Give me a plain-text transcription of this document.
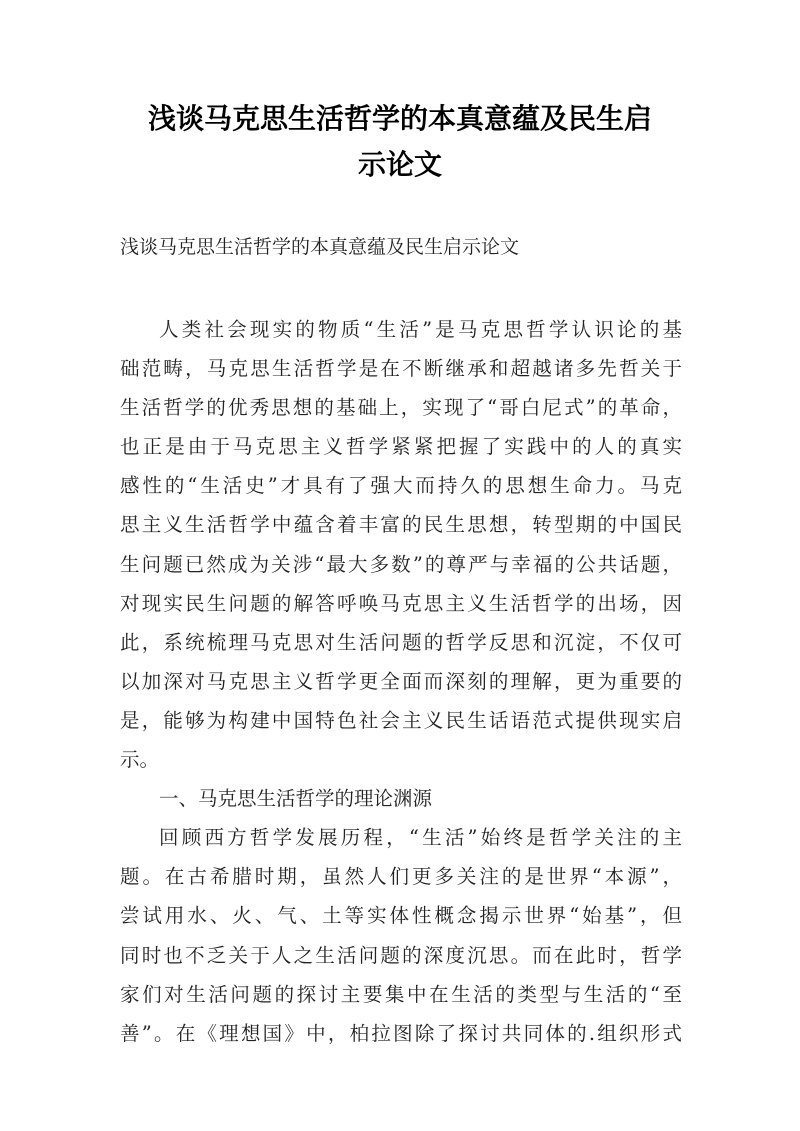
浅谈马克思生活哲学的本真意蕴及民生启
示论文
浅谈马克思生活哲学的本真意蕴及民生启示论文

人类社会现实的物质“生活”是马克思哲学认识论的基
础范畴，马克思生活哲学是在不断继承和超越诸多先哲关于
生活哲学的优秀思想的基础上，实现了“哥白尼式”的革命，
也正是由于马克思主义哲学紧紧把握了实践中的人的真实
感性的“生活史”才具有了强大而持久的思想生命力。马克
思主义生活哲学中蕴含着丰富的民生思想，转型期的中国民
生问题已然成为关涉“最大多数”的尊严与幸福的公共话题，
对现实民生问题的解答呼唤马克思主义生活哲学的出场，因
此，系统梳理马克思对生活问题的哲学反思和沉淀，不仅可
以加深对马克思主义哲学更全面而深刻的理解，更为重要的
是，能够为构建中国特色社会主义民生话语范式提供现实启
示。

一、马克思生活哲学的理论渊源

回顾西方哲学发展历程，“生活”始终是哲学关注的主
题。在古希腊时期，虽然人们更多关注的是世界“本源”，
尝试用水、火、气、土等实体性概念揭示世界“始基”，但
同时也不乏关于人之生活问题的深度沉思。而在此时，哲学
家们对生活问题的探讨主要集中在生活的类型与生活的“至
善”。在《理想国》中，柏拉图除了探讨共同体的.组织形式
